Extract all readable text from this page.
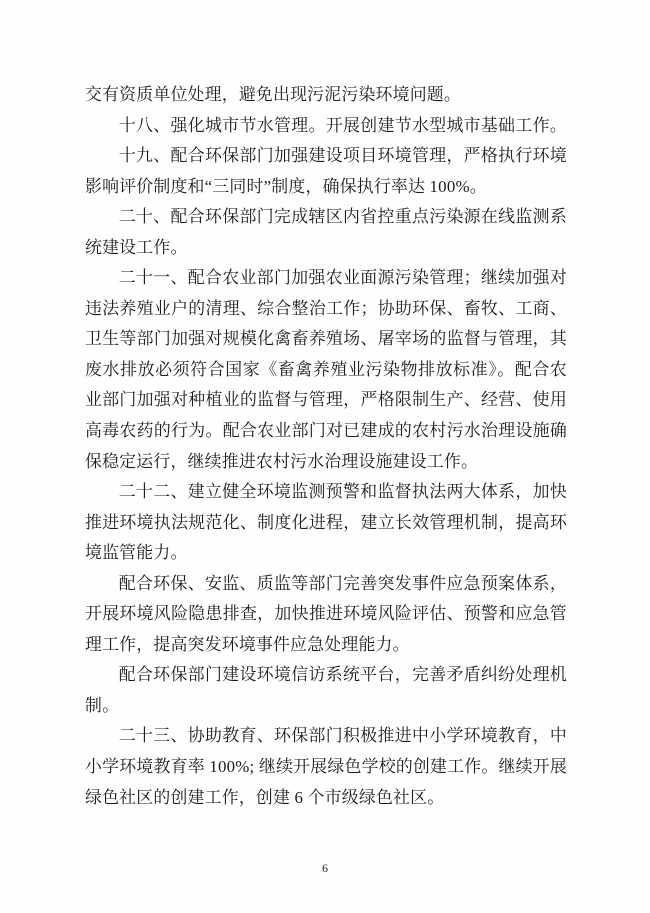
交有资质单位处理，避免出现污泥污染环境问题。
十八、强化城市节水管理。开展创建节水型城市基础工作。
十九、配合环保部门加强建设项目环境管理，严格执行环境
影响评价制度和“三同时”制度，确保执行率达 100%。
二十、配合环保部门完成辖区内省控重点污染源在线监测系
统建设工作。
二十一、配合农业部门加强农业面源污染管理；继续加强对
违法养殖业户的清理、综合整治工作；协助环保、畜牧、工商、
卫生等部门加强对规模化禽畜养殖场、屠宰场的监督与管理，其
废水排放必须符合国家《畜禽养殖业污染物排放标准》。配合农
业部门加强对种植业的监督与管理，严格限制生产、经营、使用
高毒农药的行为。配合农业部门对已建成的农村污水治理设施确
保稳定运行，继续推进农村污水治理设施建设工作。
二十二、建立健全环境监测预警和监督执法两大体系，加快
推进环境执法规范化、制度化进程，建立长效管理机制，提高环
境监管能力。
配合环保、安监、质监等部门完善突发事件应急预案体系，
开展环境风险隐患排查，加快推进环境风险评估、预警和应急管
理工作，提高突发环境事件应急处理能力。
配合环保部门建设环境信访系统平台，完善矛盾纠纷处理机
制。
二十三、协助教育、环保部门积极推进中小学环境教育，中
小学环境教育率 100%; 继续开展绿色学校的创建工作。继续开展
绿色社区的创建工作，创建 6 个市级绿色社区。
6
